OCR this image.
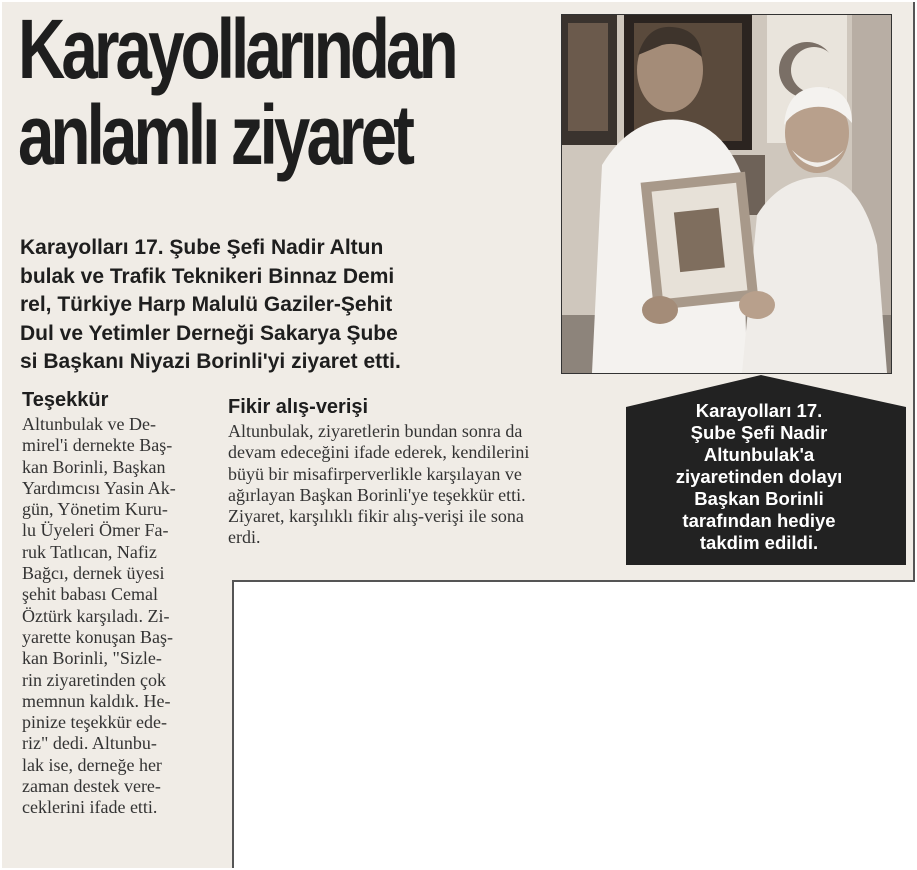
Karayollarından
anlamlı ziyaret
Karayolları 17. Şube Şefi Nadir Altun
bulak ve Trafik Teknikeri Binnaz Demi
rel, Türkiye Harp Malulü Gaziler-Şehit
Dul ve Yetimler Derneği Sakarya Şube
si Başkanı Niyazi Borinli'yi ziyaret etti.
Teşekkür
Altunbulak ve De-
mirel'i dernekte Baş-
kan Borinli, Başkan
Yardımcısı Yasin Ak-
gün, Yönetim Kuru-
lu Üyeleri Ömer Fa-
ruk Tatlıcan, Nafiz
Bağcı, dernek üyesi
şehit babası Cemal
Öztürk karşıladı. Zi-
yarette konuşan Baş-
kan Borinli, "Sizle-
rin ziyaretinden çok
memnun kaldık. He-
pinize teşekkür ede-
riz" dedi. Altunbu-
lak ise, derneğe her
zaman destek vere-
ceklerini ifade etti.
Fikir alış-verişi
Altunbulak, ziyaretlerin bundan sonra da
devam edeceğini ifade ederek, kendilerini
büyü bir misafirperverlikle karşılayan ve
ağırlayan Başkan Borinli'ye teşekkür etti.
Ziyaret, karşılıklı fikir alış-verişi ile sona
erdi.
Karayolları 17.
Şube Şefi Nadir
Altunbulak'a
ziyaretinden dolayı
Başkan Borinli
tarafından hediye
takdim edildi.
